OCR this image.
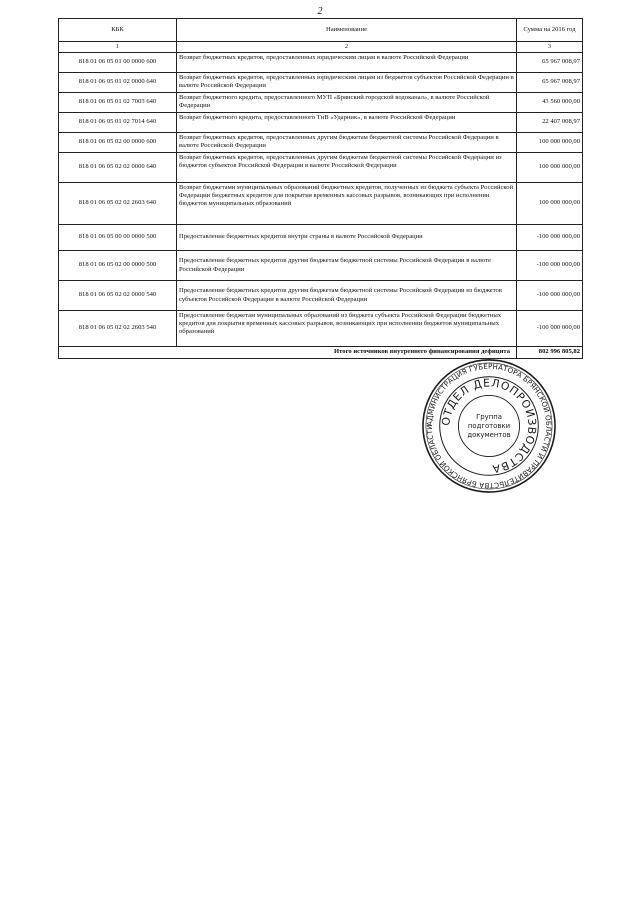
2
КБК	Наименование	Сумма на 2016 год
1	2	3
818 01 06 05 01 00 0000 600	Возврат бюджетных кредитов, предоставленных юридическим лицам в валюте Российской Федерации	65 967 008,97
818 01 06 05 01 02 0000 640	Возврат бюджетных кредитов, предоставленных юридическим лицам из бюджетов субъектов Российской Федерации в валюте Российской Федерации	65 967 008,97
818 01 06 05 01 02 7003 640	Возврат бюджетного кредита, предоставленного МУП «Брянский городской водоканал», в валюте Российской Федерации	43 560 000,00
818 01 06 05 01 02 7014 640	Возврат бюджетного кредита, предоставленного ТнВ «Ударник», в валюте Российской Федерации	22 407 008,97
818 01 06 05 02 00 0000 600	Возврат бюджетных кредитов, предоставленных другим бюджетам бюджетной системы Российской Федерации в валюте Российской Федерации	100 000 000,00
818 01 06 05 02 02 0000 640	Возврат бюджетных кредитов, предоставленных другим бюджетам бюджетной системы Российской Федерации из бюджетов субъектов Российской Федерации в валюте Российской Федерации	100 000 000,00
818 01 06 05 02 02 2603 640	Возврат бюджетами муниципальных образований бюджетных кредитов, полученных из бюджета субъекта Российской Федерации бюджетных кредитов для покрытия временных кассовых разрывов, возникающих при исполнении бюджетов муниципальных образований	100 000 000,00
818 01 06 05 00 00 0000 500	Предоставление бюджетных кредитов внутри страны в валюте Российской Федерации	-100 000 000,00
818 01 06 05 02 00 0000 500	Предоставление бюджетных кредитов другим бюджетам бюджетной системы Российской Федерации в валюте Российской Федерации	-100 000 000,00
818 01 06 05 02 02 0000 540	Предоставление бюджетных кредитов другим бюджетам бюджетной системы Российской Федерации из бюджетов субъектов Российской Федерации в валюте Российской Федерации	-100 000 000,00
818 01 06 05 02 02 2603 540	Предоставление бюджетам муниципальных образований из бюджета субъекта Российской Федерации бюджетных кредитов для покрытия временных кассовых разрывов, возникающих при исполнении бюджетов муниципальных образований	-100 000 000,00
Итого источников внутреннего финансирования дефицита		802 996 805,82
АДМИНИСТРАЦИЯ ГУБЕРНАТОРА БРЯНСКОЙ ОБЛАСТИ И ПРАВИТЕЛЬСТВА БРЯНСКОЙ ОБЛАСТИ
ОТДЕЛ ДЕЛОПРОИЗВОДСТВА
Группа
подготовки
документов
